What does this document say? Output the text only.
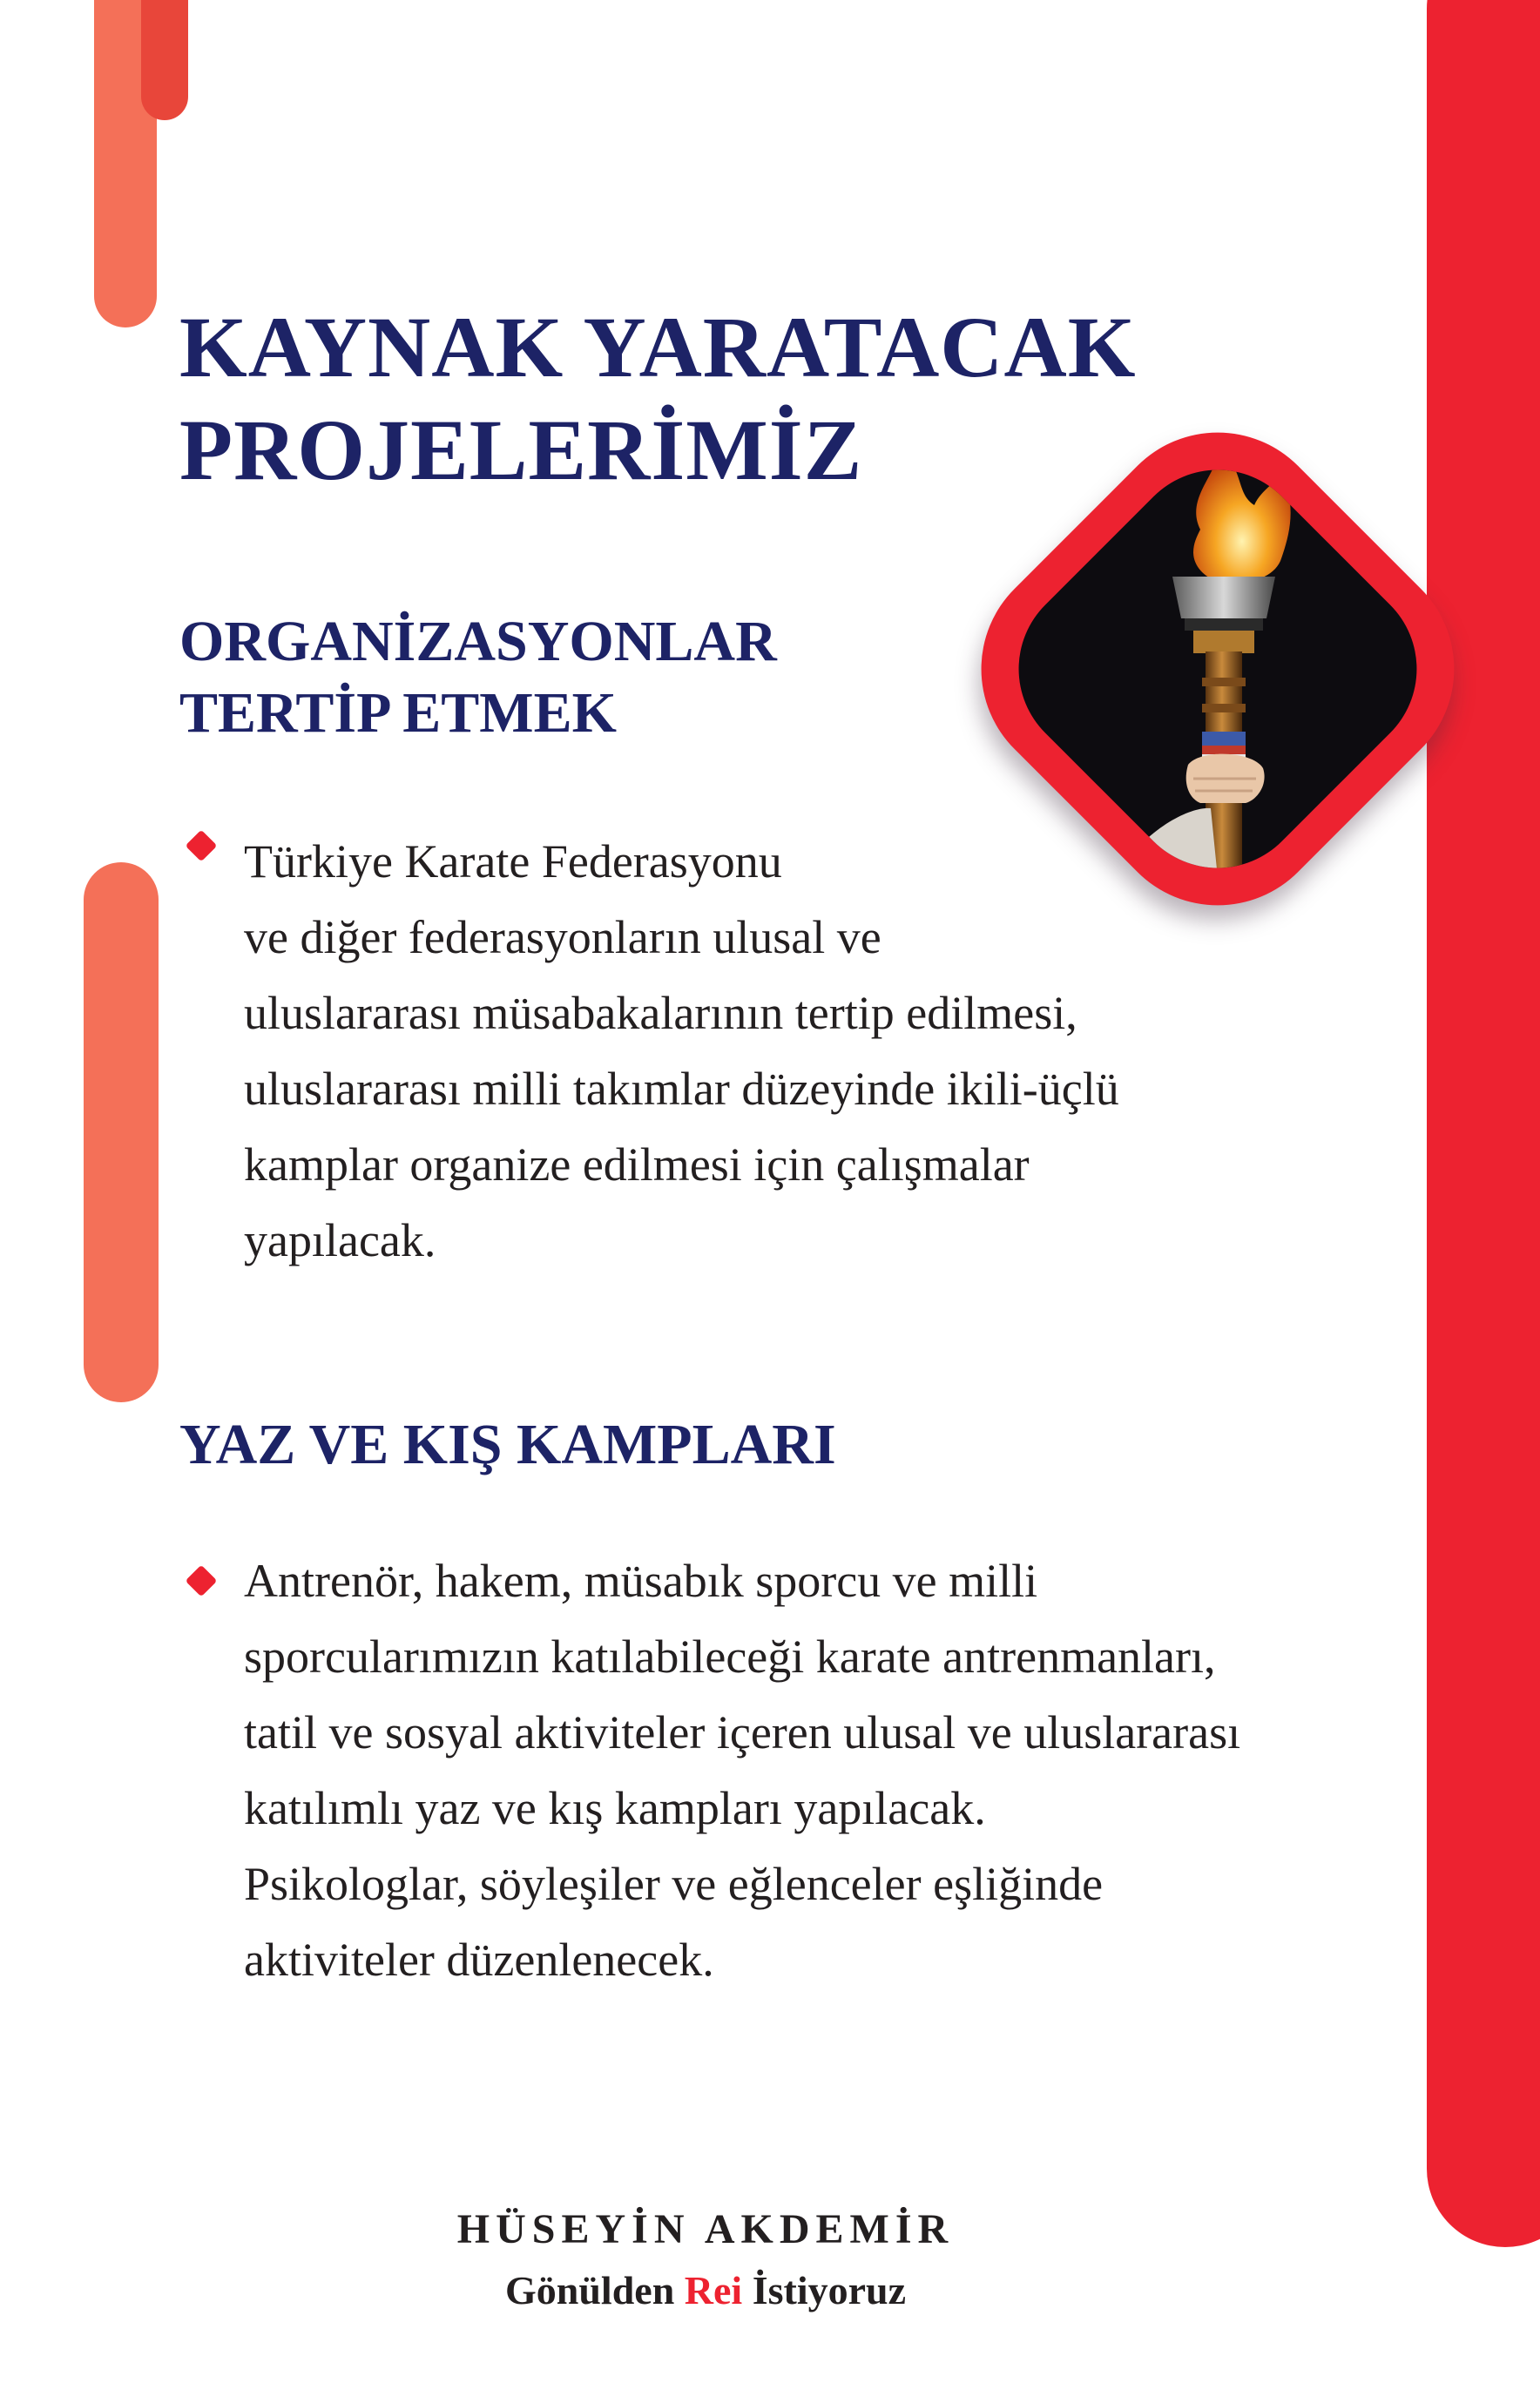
KAYNAK YARATACAK
PROJELERİMİZ
ORGANİZASYONLAR
TERTİP ETMEK

Türkiye Karate Federasyonu
ve diğer federasyonların ulusal ve
uluslararası müsabakalarının tertip edilmesi,
uluslararası milli takımlar düzeyinde ikili-üçlü
kamplar organize edilmesi için çalışmalar
yapılacak.

YAZ VE KIŞ KAMPLARI

Antrenör, hakem, müsabık sporcu ve milli
sporcularımızın katılabileceği karate antrenmanları,
tatil ve sosyal aktiviteler içeren ulusal ve uluslararası
katılımlı yaz ve kış kampları yapılacak.
Psikologlar, söyleşiler ve eğlenceler eşliğinde
aktiviteler düzenlenecek.

HÜSEYİN AKDEMİR

Gönülden Rei İstiyoruz
